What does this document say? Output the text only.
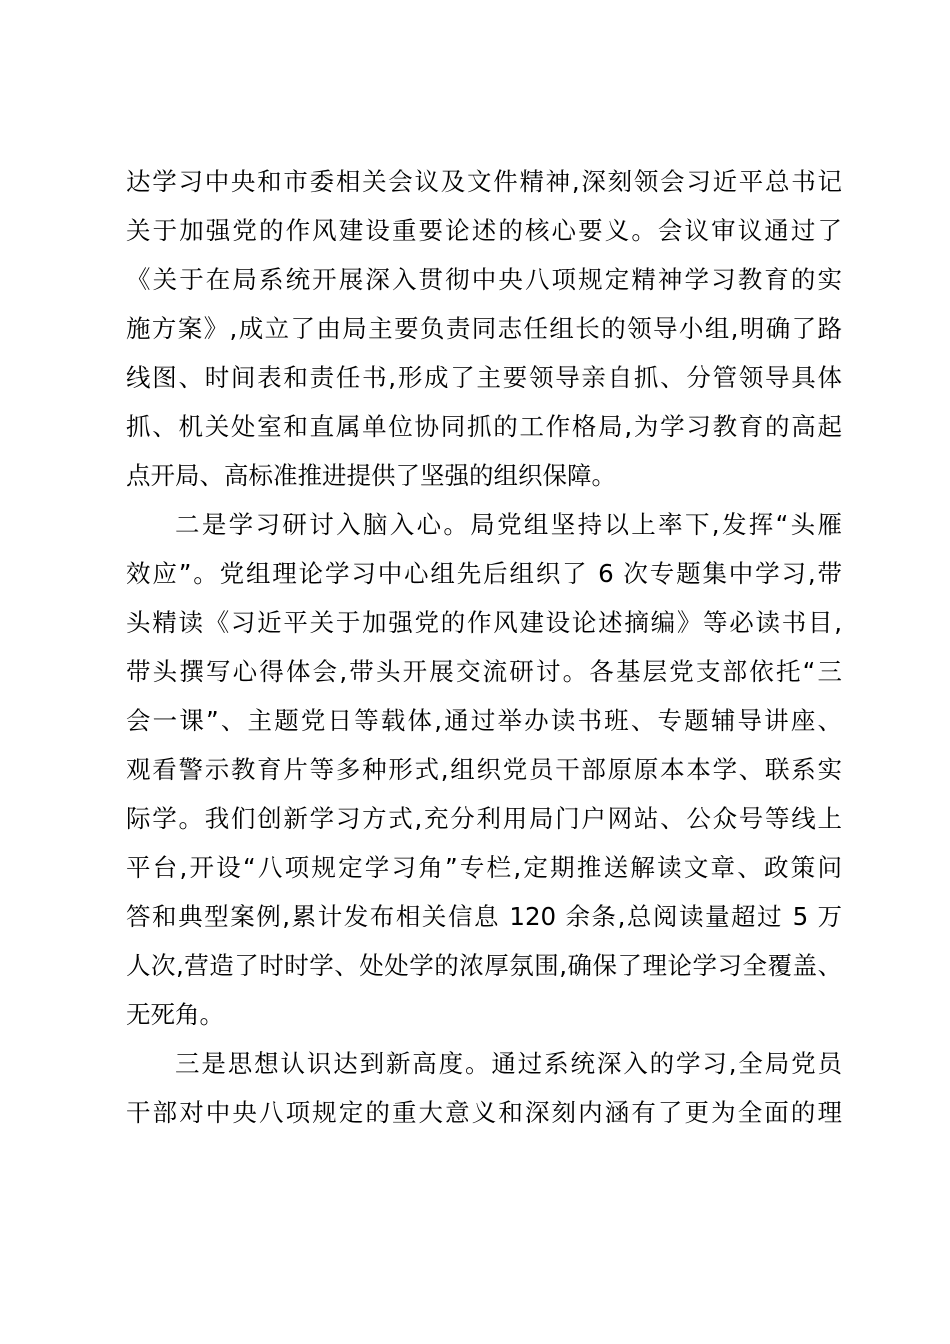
达学习中央和市委相关会议及文件精神,深刻领会习近平总书记
关于加强党的作风建设重要论述的核心要义。会议审议通过了
《关于在局系统开展深入贯彻中央八项规定精神学习教育的实
施方案》,成立了由局主要负责同志任组长的领导小组,明确了路
线图、时间表和责任书,形成了主要领导亲自抓、分管领导具体
抓、机关处室和直属单位协同抓的工作格局,为学习教育的高起
点开局、高标准推进提供了坚强的组织保障。
二是学习研讨入脑入心。局党组坚持以上率下,发挥“头雁
效应”。党组理论学习中心组先后组织了 6 次专题集中学习,带
头精读《习近平关于加强党的作风建设论述摘编》等必读书目,
带头撰写心得体会,带头开展交流研讨。各基层党支部依托“三
会一课”、主题党日等载体,通过举办读书班、专题辅导讲座、
观看警示教育片等多种形式,组织党员干部原原本本学、联系实
际学。我们创新学习方式,充分利用局门户网站、公众号等线上
平台,开设“八项规定学习角”专栏,定期推送解读文章、政策问
答和典型案例,累计发布相关信息 120 余条,总阅读量超过 5 万
人次,营造了时时学、处处学的浓厚氛围,确保了理论学习全覆盖、
无死角。
三是思想认识达到新高度。通过系统深入的学习,全局党员
干部对中央八项规定的重大意义和深刻内涵有了更为全面的理
